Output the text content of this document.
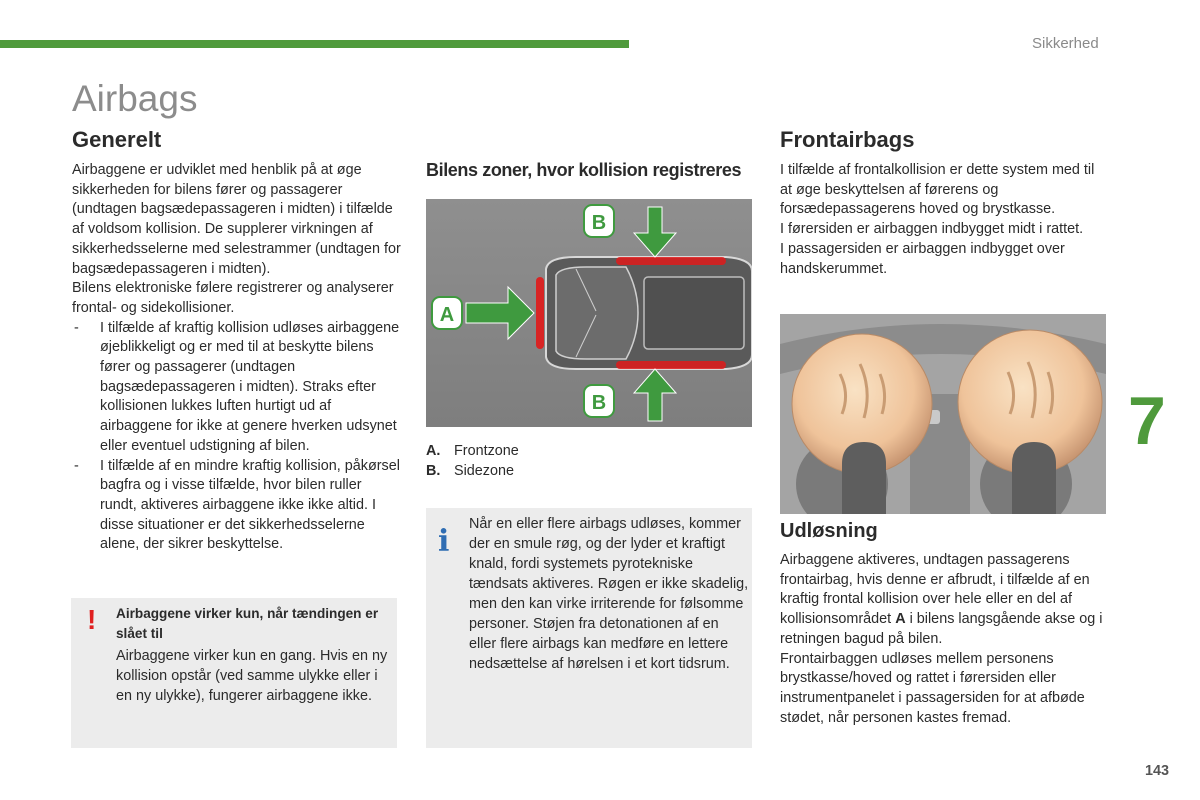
Sikkerhed
Airbags
Generelt

Airbaggene er udviklet med henblik på at øge sikkerheden for bilens fører og passagerer (undtagen bagsædepassageren i midten) i tilfælde af voldsom kollision. De supplerer virkningen af sikkerhedsselerne med selestrammer (undtagen for bagsædepassageren i midten).

Bilens elektroniske følere registrerer og analyserer frontal- og sidekollisioner.

- I tilfælde af kraftig kollision udløses airbaggene øjeblikkeligt og er med til at beskytte bilens fører og passagerer (undtagen bagsædepassageren i midten). Straks efter kollisionen lukkes luften hurtigt ud af airbaggene for ikke at genere hverken udsynet eller eventuel udstigning af bilen.
- I tilfælde af en mindre kraftig kollision, påkørsel bagfra og i visse tilfælde, hvor bilen ruller rundt, aktiveres airbaggene ikke ikke altid. I disse situationer er det sikkerhedsselerne alene, der sikrer beskyttelse.
! Airbaggene virker kun, når tændingen er slået til
Airbaggene virker kun en gang. Hvis en ny kollision opstår (ved samme ulykke eller i en ny ulykke), fungerer airbaggene ikke.
Bilens zoner, hvor kollision registreres
A
B
B
A. Frontzone
B. Sidezone
i Når en eller flere airbags udløses, kommer der en smule røg, og der lyder et kraftigt knald, fordi systemets pyrotekniske tændsats aktiveres. Røgen er ikke skadelig, men den kan virke irriterende for følsomme personer. Støjen fra detonationen af en eller flere airbags kan medføre en lettere nedsættelse af hørelsen i et kort tidsrum.
Frontairbags

I tilfælde af frontalkollision er dette system med til at øge beskyttelsen af førerens og forsædepassagerens hoved og brystkasse.

I førersiden er airbaggen indbygget midt i rattet.

I passagersiden er airbaggen indbygget over handskerummet.

Udløsning

Airbaggene aktiveres, undtagen passagerens frontairbag, hvis denne er afbrudt, i tilfælde af en kraftig frontal kollision over hele eller en del af kollisionsområdet A i bilens langsgående akse og i retningen bagud på bilen.

Frontairbaggen udløses mellem personens brystkasse/hoved og rattet i førersiden eller instrumentpanelet i passagersiden for at afbøde stødet, når personen kastes fremad.

7
143
